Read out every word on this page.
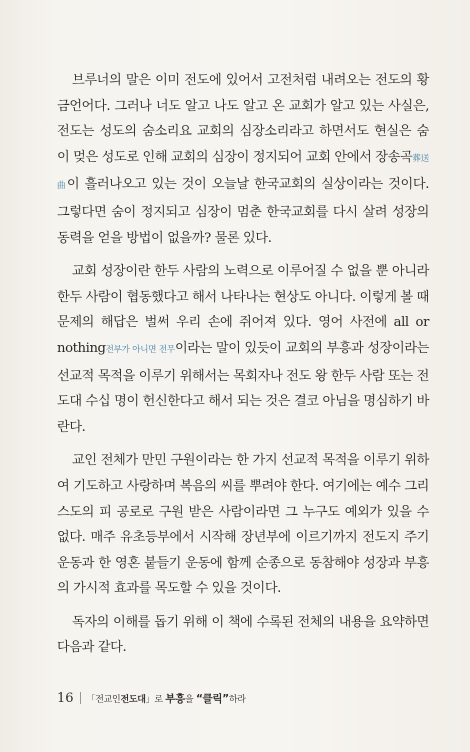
브루너의 말은 이미 전도에 있어서 고전처럼 내려오는 전도의 황금언어다. 그러나 너도 알고 나도 알고 온 교회가 알고 있는 사실은, 전도는 성도의 숨소리요 교회의 심장소리라고 하면서도 현실은 숨이 멎은 성도로 인해 교회의 심장이 정지되어 교회 안에서 장송곡葬送曲이 흘러나오고 있는 것이 오늘날 한국교회의 실상이라는 것이다. 그렇다면 숨이 정지되고 심장이 멈춘 한국교회를 다시 살려 성장의 동력을 얻을 방법이 없을까? 물론 있다.

교회 성장이란 한두 사람의 노력으로 이루어질 수 없을 뿐 아니라 한두 사람이 협동했다고 해서 나타나는 현상도 아니다. 이렇게 볼 때 문제의 해답은 벌써 우리 손에 쥐어져 있다. 영어 사전에 all or nothing전부가 아니면 전무이라는 말이 있듯이 교회의 부흥과 성장이라는 선교적 목적을 이루기 위해서는 목회자나 전도 왕 한두 사람 또는 전도대 수십 명이 헌신한다고 해서 되는 것은 결코 아님을 명심하기 바란다.

교인 전체가 만민 구원이라는 한 가지 선교적 목적을 이루기 위하여 기도하고 사랑하며 복음의 씨를 뿌려야 한다. 여기에는 예수 그리스도의 피 공로로 구원 받은 사람이라면 그 누구도 예외가 있을 수 없다. 매주 유초등부에서 시작해 장년부에 이르기까지 전도지 주기 운동과 한 영혼 붙들기 운동에 함께 순종으로 동참해야 성장과 부흥의 가시적 효과를 목도할 수 있을 것이다.

독자의 이해를 돕기 위해 이 책에 수록된 전체의 내용을 요약하면 다음과 같다.

16 「전교인전도대」로 부흥을 “클릭”하라
